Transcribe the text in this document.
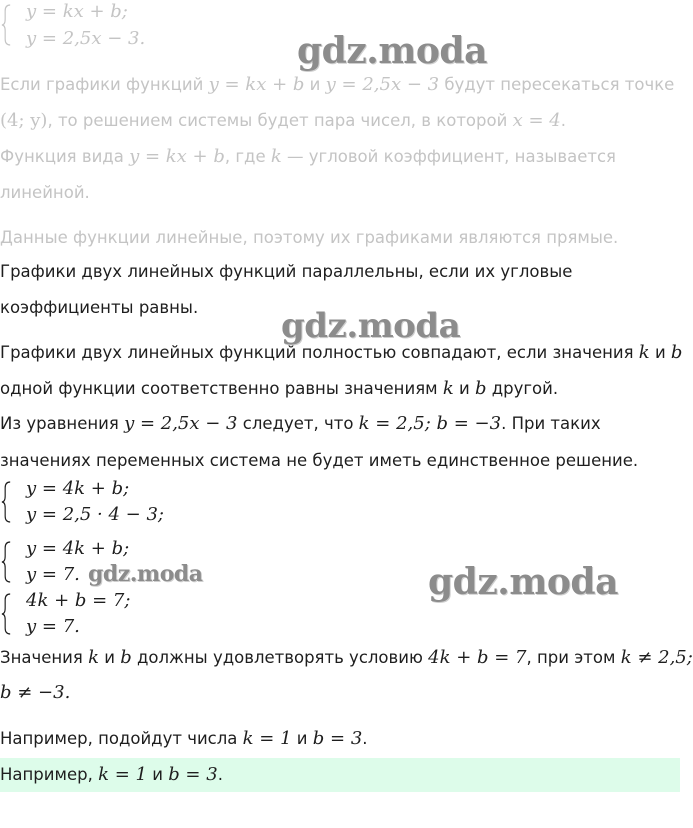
y = kx + b;
y = 2,5x − 3.
Если графики функций y = kx + b и y = 2,5x − 3 будут пересекаться точке
(4; y), то решением системы будет пара чисел, в которой x = 4.
Функция вида y = kx + b, где k — угловой коэффициент, называется
линейной.
Данные функции линейные, поэтому их графиками являются прямые.
Графики двух линейных функций параллельны, если их угловые
коэффициенты равны.
Графики двух линейных функций полностью совпадают, если значения k и b
одной функции соответственно равны значениям k и b другой.
Из уравнения y = 2,5x − 3 следует, что k = 2,5; b = −3. При таких
значениях переменных система не будет иметь единственное решение.
y = 4k + b;
y = 2,5 · 4 − 3;
y = 4k + b;
y = 7.
4k + b = 7;
y = 7.
Значения k и b должны удовлетворять условию 4k + b = 7, при этом k ≠ 2,5;
b ≠ −3.
Например, подойдут числа k = 1 и b = 3.
Например, k = 1 и b = 3.
gdz.moda
gdz.moda
gdz.moda	gdz.moda
